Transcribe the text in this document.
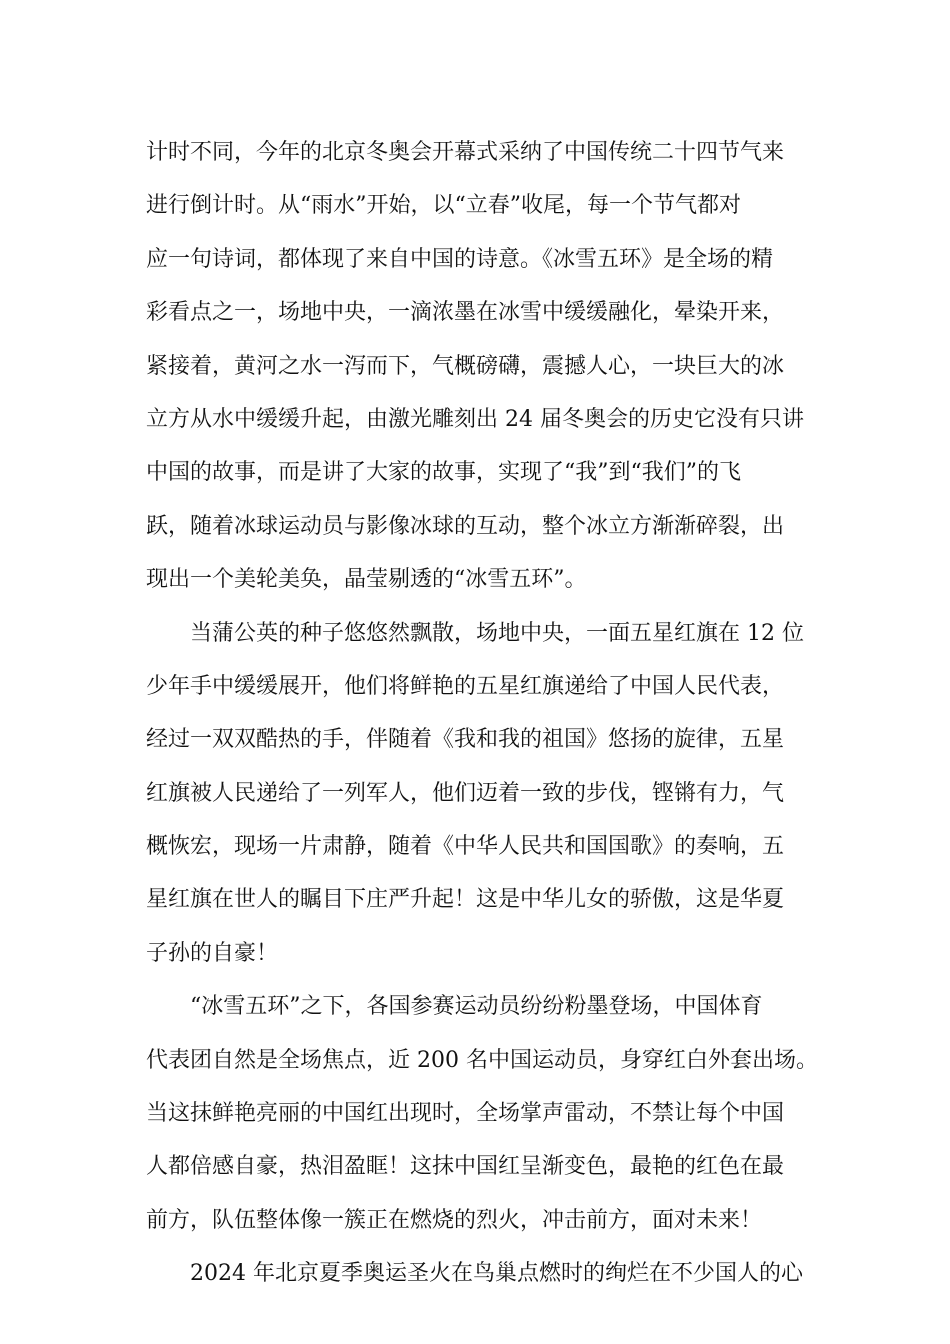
计时不同，今年的北京冬奥会开幕式采纳了中国传统二十四节气来
进行倒计时。从“雨水”开始，以“立春”收尾，每一个节气都对
应一句诗词，都体现了来自中国的诗意。《冰雪五环》是全场的精
彩看点之一，场地中央，一滴浓墨在冰雪中缓缓融化，晕染开来，
紧接着，黄河之水一泻而下，气概磅礴，震撼人心，一块巨大的冰
立方从水中缓缓升起，由激光雕刻出 24 届冬奥会的历史它没有只讲
中国的故事，而是讲了大家的故事，实现了“我”到“我们”的飞
跃，随着冰球运动员与影像冰球的互动，整个冰立方渐渐碎裂，出
现出一个美轮美奂，晶莹剔透的“冰雪五环”。
　　当蒲公英的种子悠悠然飘散，场地中央，一面五星红旗在 12 位
少年手中缓缓展开，他们将鲜艳的五星红旗递给了中国人民代表，
经过一双双酷热的手，伴随着《我和我的祖国》悠扬的旋律，五星
红旗被人民递给了一列军人，他们迈着一致的步伐，铿锵有力，气
概恢宏，现场一片肃静，随着《中华人民共和国国歌》的奏响，五
星红旗在世人的瞩目下庄严升起！这是中华儿女的骄傲，这是华夏
子孙的自豪！
　　“冰雪五环”之下，各国参赛运动员纷纷粉墨登场，中国体育
代表团自然是全场焦点，近 200 名中国运动员，身穿红白外套出场。
当这抹鲜艳亮丽的中国红出现时，全场掌声雷动，不禁让每个中国
人都倍感自豪，热泪盈眶！这抹中国红呈渐变色，最艳的红色在最
前方，队伍整体像一簇正在燃烧的烈火，冲击前方，面对未来！
　　2024 年北京夏季奥运圣火在鸟巢点燃时的绚烂在不少国人的心
